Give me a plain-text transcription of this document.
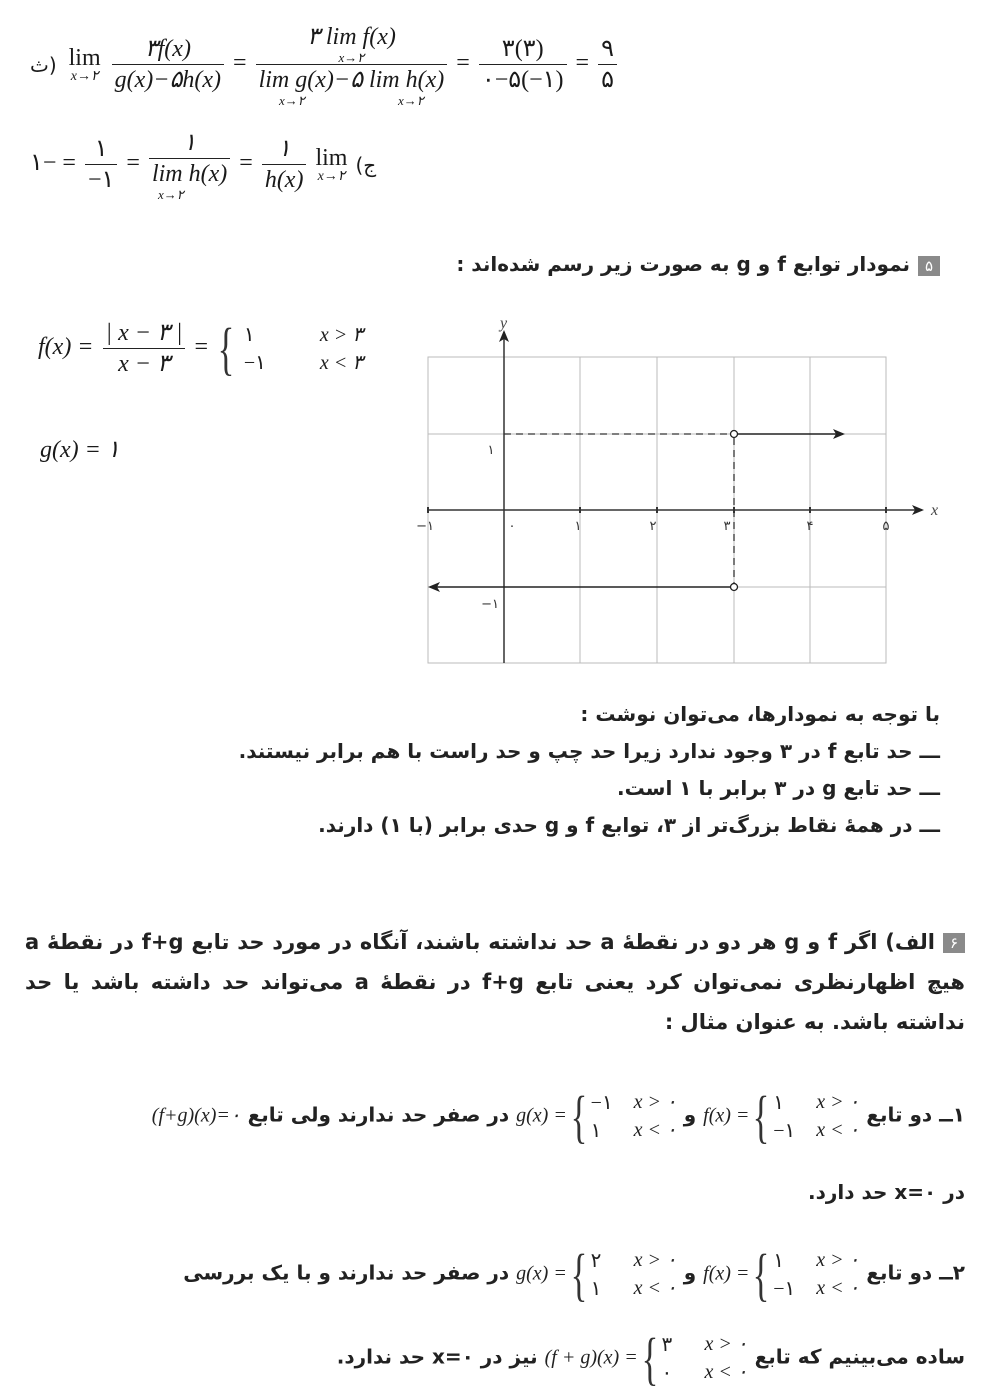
ث) lim
x→۲
$\frac{۳f(x)}{g(x)-۵h(x)}$ = ۳ lim f(x)
x→۲
lim g(x)−۵ lim h(x)
x→۲	x→۲ = $\frac{۳(۳)}{۰-۵(-۱)} = \frac{۹}{۵}$
ج) lim
x→۲

$\frac{۱}{h(x)}$
=
۱
lim h(x)
x→۲
=
$\frac{۱}{-۱}$
= −۱
۵نمودار توابع f و g به صورت زیر رسم شده‌اند :
$f(x) = \frac{| x - ۳ |}{x - ۳}$ = { ۱	x > ۳
−۱	x < ۳
g(x) = ۱
−۱	۰	۱	۲	۳	۴	۵
۱
−۱
x
y
با توجه به نمودارها، می‌توان نوشت :
ـــ حد تابع f در ۳ وجود ندارد زیرا حد چپ و حد راست با هم برابر نیستند.
ـــ حد تابع g در ۳ برابر با ۱ است.
ـــ در همهٔ نقاط بزرگ‌تر از ۳، توابع f و g حدی برابر (با ۱) دارند.
۶الف) اگر f و g هر دو در نقطهٔ a حد نداشته باشند، آنگاه در مورد حد تابع f+g در نقطهٔ a هیچ اظهارنظری نمی‌توان کرد یعنی تابع f+g در نقطهٔ a می‌تواند حد داشته باشد یا حد نداشته باشد. به عنوان مثال :
۱ــ دو تابع
x > ۰
x < ۰
f(x) ={ ۱
−۱
و
x > ۰
x < ۰
g(x) ={ −۱
۱
در صفر حد ندارند ولی تابع (f+g)(x)=۰
در x=۰ حد دارد.
۲ــ دو تابع
x > ۰
x < ۰
f(x) ={ ۱
−۱
و
x > ۰
x < ۰
g(x) ={ ۲
۱
در صفر حد ندارند و با یک بررسی
ساده می‌بینیم که تابع
x > ۰
x < ۰
(f + g)(x) ={ ۳
۰
نیز در x=۰ حد ندارد.
